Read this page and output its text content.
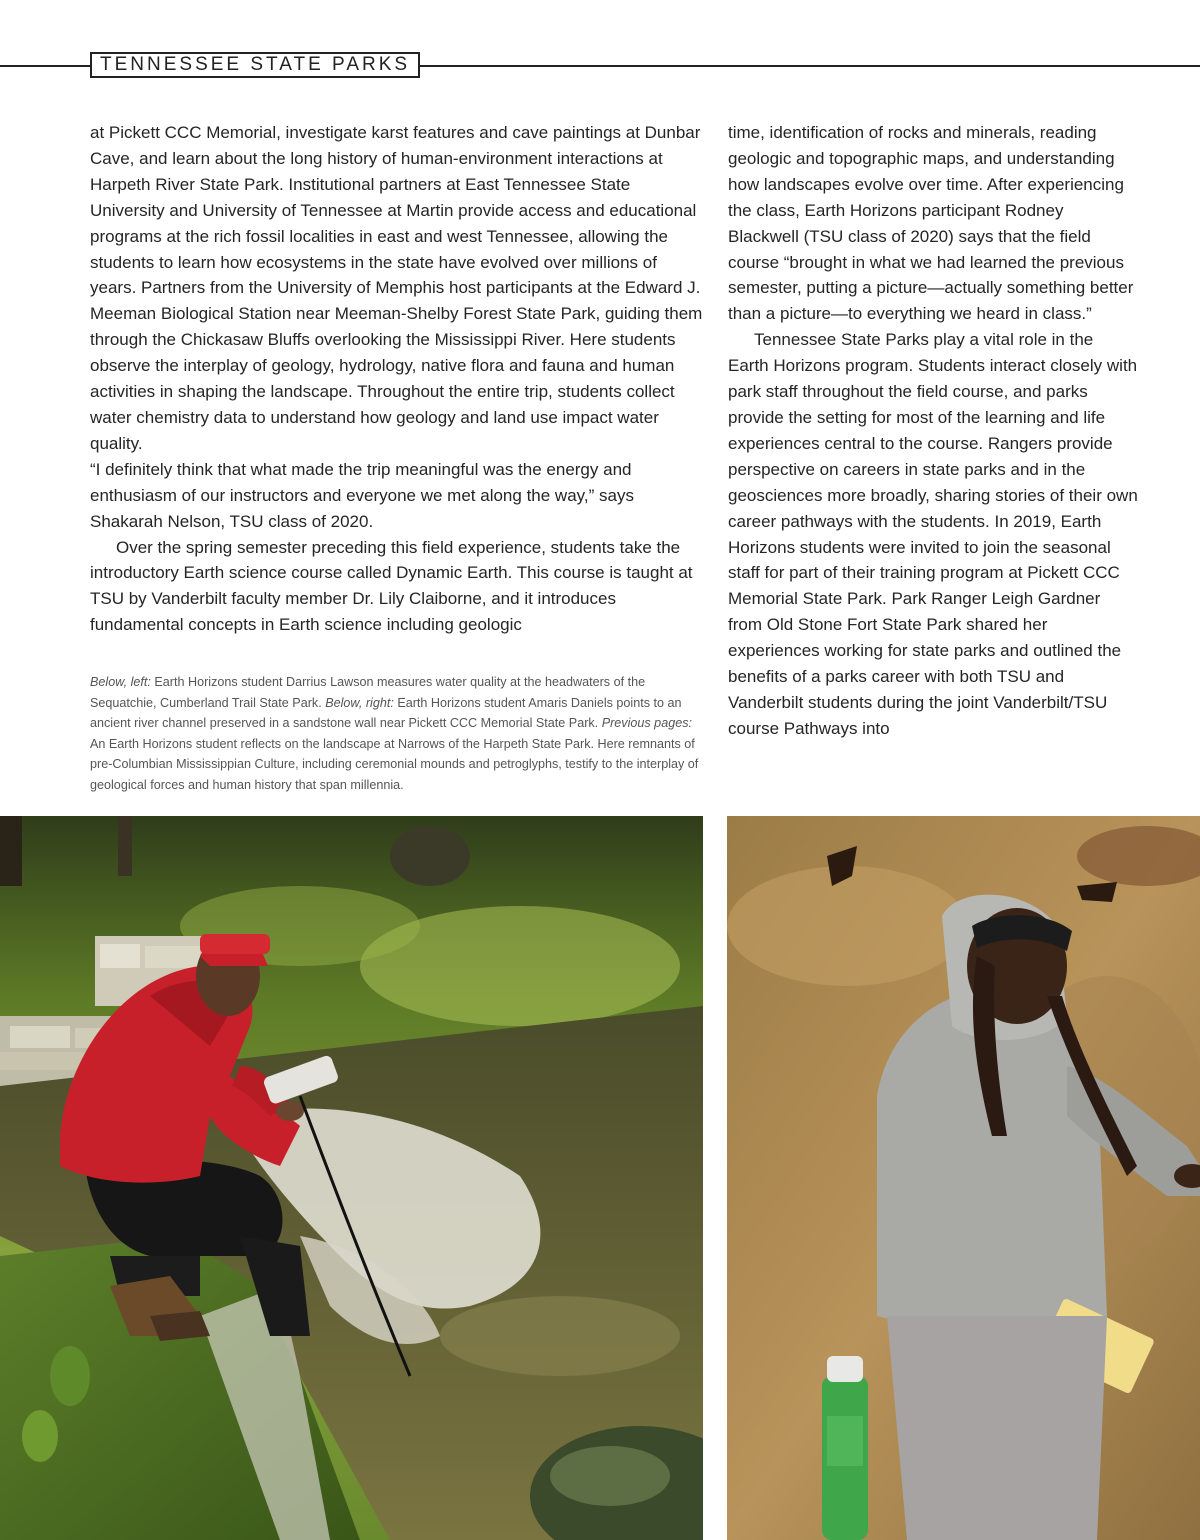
TENNESSEE STATE PARKS

at Pickett CCC Memorial, investigate karst features and cave paintings at Dunbar Cave, and learn about the long history of human-environment interactions at Harpeth River State Park. Institutional partners at East Tennessee State University and University of Tennessee at Martin provide access and educational programs at the rich fossil localities in east and west Tennessee, allowing the students to learn how ecosystems in the state have evolved over millions of years. Partners from the University of Memphis host participants at the Edward J. Meeman Biological Station near Meeman-Shelby Forest State Park, guiding them through the Chickasaw Bluffs overlooking the Mississippi River. Here students observe the interplay of geology, hydrology, native flora and fauna and human activities in shaping the landscape. Throughout the entire trip, students collect water chemistry data to understand how geology and land use impact water quality.

“I definitely think that what made the trip meaningful was the energy and enthusiasm of our instructors and everyone we met along the way,” says Shakarah Nelson, TSU class of 2020.

Over the spring semester preceding this field experience, students take the introductory Earth science course called Dynamic Earth. This course is taught at TSU by Vanderbilt faculty member Dr. Lily Claiborne, and it introduces fundamental concepts in Earth science including geologic

time, identification of rocks and minerals, reading geologic and topographic maps, and understanding how landscapes evolve over time. After experiencing the class, Earth Horizons participant Rodney Blackwell (TSU class of 2020) says that the field course “brought in what we had learned the previous semester, putting a picture—actually something better than a picture—to everything we heard in class.”

Tennessee State Parks play a vital role in the Earth Horizons program. Students interact closely with park staff throughout the field course, and parks provide the setting for most of the learning and life experiences central to the course. Rangers provide perspective on careers in state parks and in the geosciences more broadly, sharing stories of their own career pathways with the students. In 2019, Earth Horizons students were invited to join the seasonal staff for part of their training program at Pickett CCC Memorial State Park. Park Ranger Leigh Gardner from Old Stone Fort State Park shared her experiences working for state parks and outlined the benefits of a parks career with both TSU and Vanderbilt students during the joint Vanderbilt/TSU course Pathways into

Below, left: Earth Horizons student Darrius Lawson measures water quality at the headwaters of the Sequatchie, Cumberland Trail State Park. Below, right: Earth Horizons student Amaris Daniels points to an ancient river channel preserved in a sandstone wall near Pickett CCC Memorial State Park. Previous pages: An Earth Horizons student reflects on the landscape at Narrows of the Harpeth State Park. Here remnants of pre-Columbian Mississippian Culture, including ceremonial mounds and petroglyphs, testify to the interplay of geological forces and human history that span millennia.
